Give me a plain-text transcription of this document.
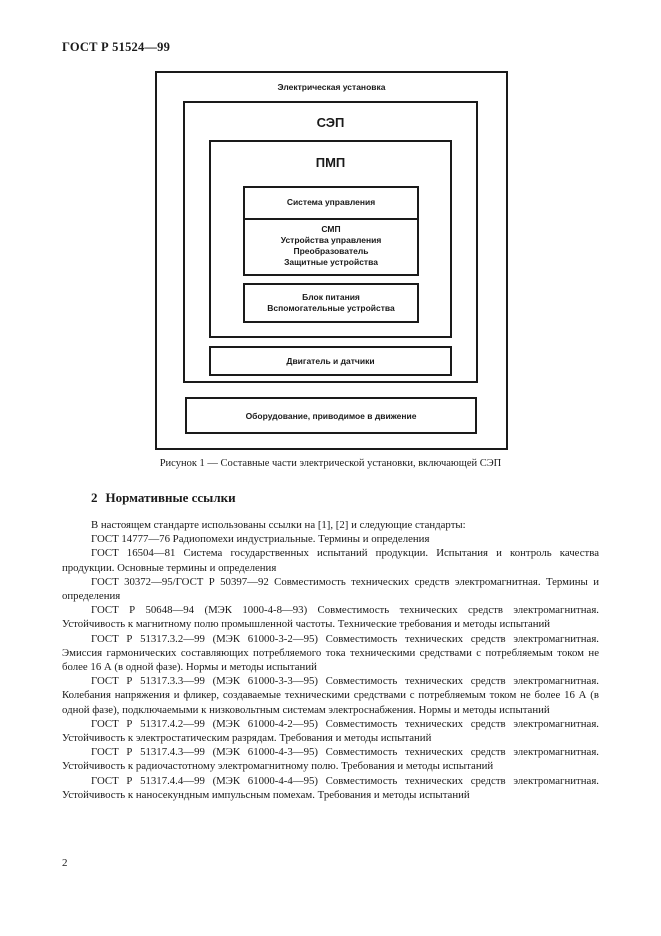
ГОСТ Р 51524—99
Электрическая установка
СЭП
ПМП
Система управления
СМП
Устройства управления
Преобразователь
Защитные устройства
Блок питания
Вспомогательные устройства
Двигатель и датчики
Оборудование, приводимое в движение
Рисунок 1 — Составные части электрической установки, включающей СЭП
2 Нормативные ссылки

В настоящем стандарте использованы ссылки на [1], [2] и следующие стандарты:

ГОСТ 14777—76 Радиопомехи индустриальные. Термины и определения

ГОСТ 16504—81 Система государственных испытаний продукции. Испытания и контроль качества продукции. Основные термины и определения

ГОСТ 30372—95/ГОСТ Р 50397—92 Совместимость технических средств электромагнитная. Термины и определения

ГОСТ Р 50648—94 (МЭК 1000-4-8—93) Совместимость технических средств электромагнитная. Устойчивость к магнитному полю промышленной частоты. Технические требования и методы испытаний

ГОСТ Р 51317.3.2—99 (МЭК 61000-3-2—95) Совместимость технических средств электромагнитная. Эмиссия гармонических составляющих потребляемого тока техническими средствами с потребляемым током не более 16 А (в одной фазе). Нормы и методы испытаний

ГОСТ Р 51317.3.3—99 (МЭК 61000-3-3—95) Совместимость технических средств электромагнитная. Колебания напряжения и фликер, создаваемые техническими средствами с потребляемым током не более 16 А (в одной фазе), подключаемыми к низковольтным системам электроснабжения. Нормы и методы испытаний

ГОСТ Р 51317.4.2—99 (МЭК 61000-4-2—95) Совместимость технических средств электромагнитная. Устойчивость к электростатическим разрядам. Требования и методы испытаний

ГОСТ Р 51317.4.3—99 (МЭК 61000-4-3—95) Совместимость технических средств электромагнитная. Устойчивость к радиочастотному электромагнитному полю. Требования и методы испытаний

ГОСТ Р 51317.4.4—99 (МЭК 61000-4-4—95) Совместимость технических средств электромагнитная. Устойчивость к наносекундным импульсным помехам. Требования и методы испытаний

2
